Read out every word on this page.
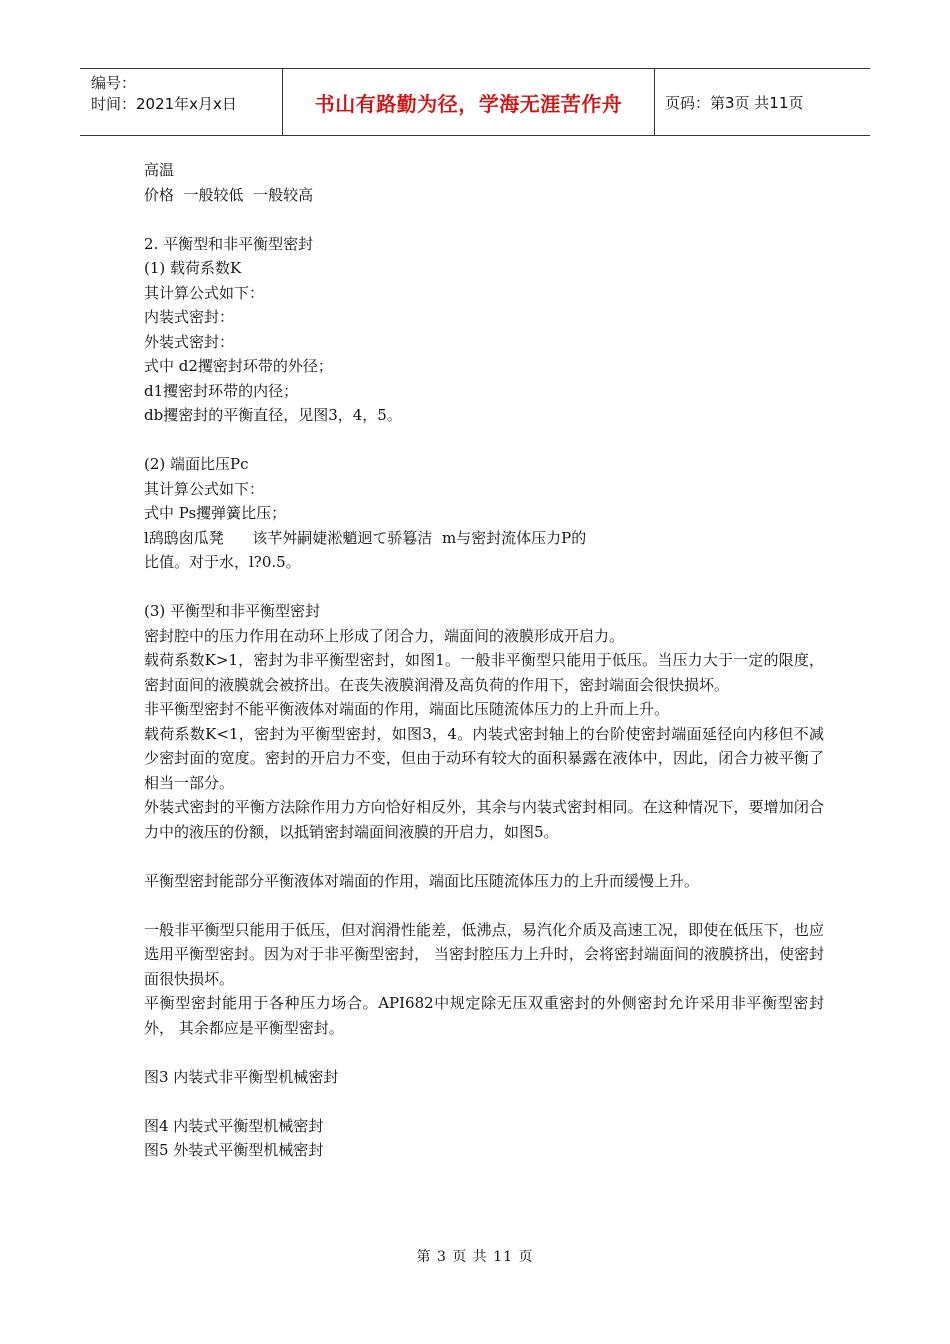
编号：
时间：2021年x月x日	书山有路勤为径，学海无涯苦作舟	页码：第3页 共11页
高温
价格  一般较低  一般较高
2. 平衡型和非平衡型密封
(1) 载荷系数K
其计算公式如下：
内装式密封：
外装式密封：
式中 d2攫密封环带的外径；
d1攫密封环带的内径；
db攫密封的平衡直径，见图3，4，5。
(2) 端面比压Pc
其计算公式如下：
式中 Ps攫弹簧比压；
l鸹鸱囱瓜凳      该芊舛嗣婕淞魈迥て骄篹洁  m与密封流体压力P的
比值。对于水，l?0.5。
(3) 平衡型和非平衡型密封
密封腔中的压力作用在动环上形成了闭合力，端面间的液膜形成开启力。
载荷系数K>1，密封为非平衡型密封，如图1。一般非平衡型只能用于低压。当压力大于一定的限度，密封面间的液膜就会被挤出。在丧失液膜润滑及高负荷的作用下，密封端面会很快损坏。
非平衡型密封不能平衡液体对端面的作用，端面比压随流体压力的上升而上升。
载荷系数K<1，密封为平衡型密封，如图3，4。内装式密封轴上的台阶使密封端面延径向内移但不减少密封面的宽度。密封的开启力不变，但由于动环有较大的面积暴露在液体中，因此，闭合力被平衡了相当一部分。
外装式密封的平衡方法除作用力方向恰好相反外，其余与内装式密封相同。在这种情况下，要增加闭合力中的液压的份额，以抵销密封端面间液膜的开启力，如图5。
平衡型密封能部分平衡液体对端面的作用，端面比压随流体压力的上升而缓慢上升。
一般非平衡型只能用于低压，但对润滑性能差，低沸点，易汽化介质及高速工况，即使在低压下，也应选用平衡型密封。因为对于非平衡型密封， 当密封腔压力上升时，会将密封端面间的液膜挤出，使密封面很快损坏。
平衡型密封能用于各种压力场合。API682中规定除无压双重密封的外侧密封允许采用非平衡型密封外， 其余都应是平衡型密封。
图3 内装式非平衡型机械密封
图4 内装式平衡型机械密封
图5 外装式平衡型机械密封
第 3 页 共 11 页
